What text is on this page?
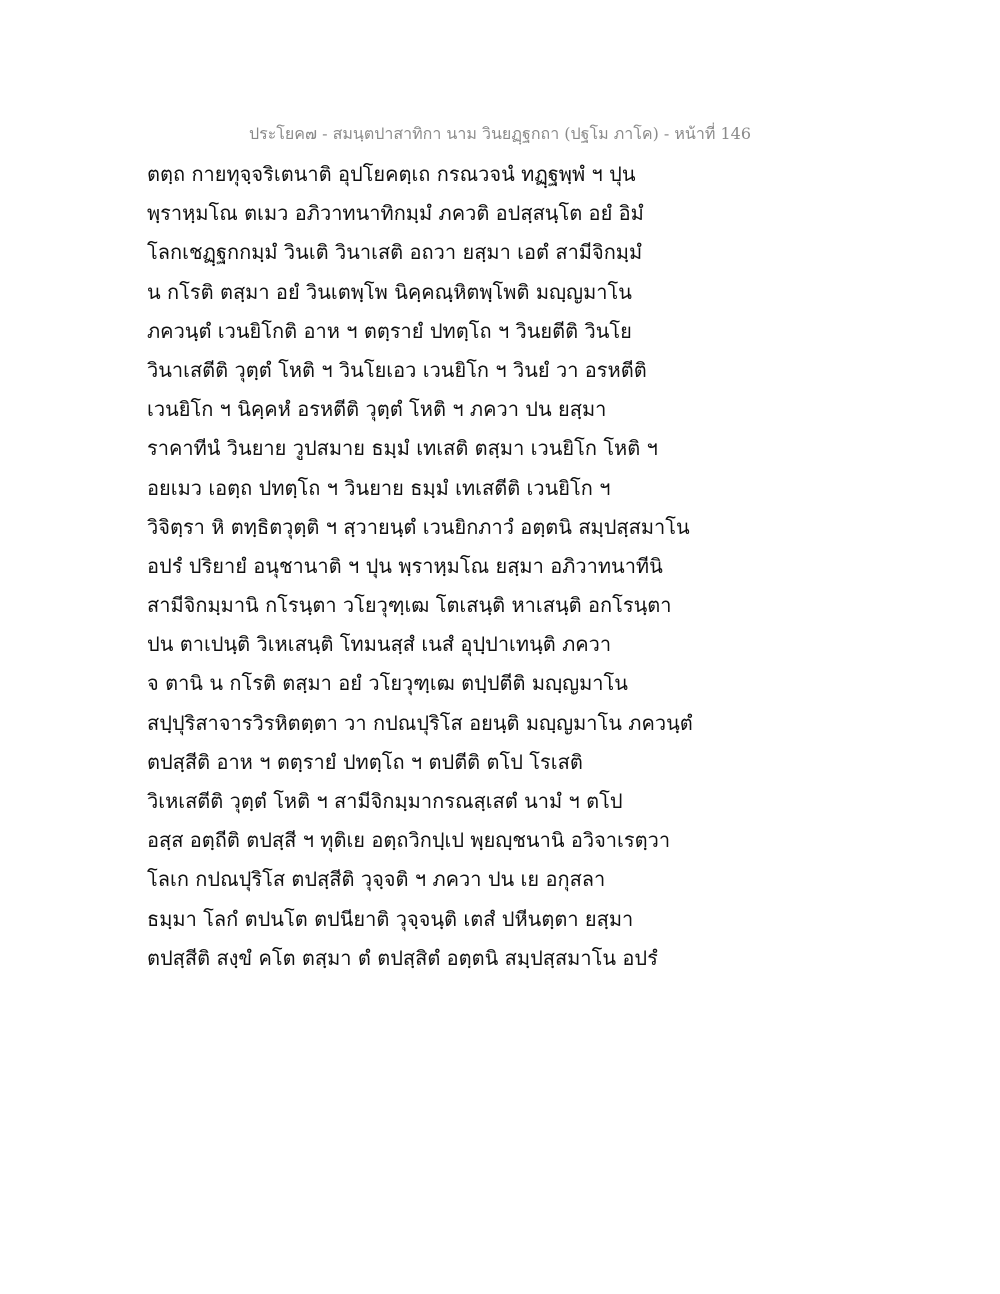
ประโยค๗ - สมนฺตปาสาทิกา นาม วินยฏฺฐกถา (ปฐโม ภาโค) - หน้าที่ 146
ตตฺถ กายทุจฺจริเตนาติ อุปโยคตฺเถ กรณวจนํ ทฏฺฐพฺพํ ฯ ปุน
พฺราหฺมโณ ตเมว อภิวาทนาทิกมฺมํ ภควติ อปสฺสนฺโต อยํ อิมํ
โลกเชฏฺฐกกมฺมํ วินเติ วินาเสติ อถวา ยสฺมา เอตํ สามีจิกมฺมํ
น กโรติ ตสฺมา อยํ วินเตพฺโพ นิคฺคณฺหิตพฺโพติ มญฺญมาโน
ภควนฺตํ เวนยิโกติ อาห ฯ ตตฺรายํ ปทตฺโถ ฯ วินยตีติ วินโย
วินาเสตีติ วุตฺตํ โหติ ฯ วินโยเอว เวนยิโก ฯ วินยํ วา อรหตีติ
เวนยิโก ฯ นิคฺคหํ อรหตีติ วุตฺตํ โหติ ฯ ภควา ปน ยสฺมา
ราคาทีนํ วินยาย วูปสมาย ธมฺมํ เทเสติ ตสฺมา เวนยิโก โหติ ฯ
อยเมว เอตฺถ ปทตฺโถ ฯ วินยาย ธมฺมํ เทเสตีติ เวนยิโก ฯ
วิจิตฺรา หิ ตทฺธิตวุตฺติ ฯ สฺวายนฺตํ เวนยิกภาวํ อตฺตนิ สมฺปสฺสมาโน
อปรํ ปริยายํ อนุชานาติ ฯ ปุน พฺราหฺมโณ ยสฺมา อภิวาทนาทีนิ
สามีจิกมฺมานิ กโรนฺตา วโยวุฑฺเฒ โตเสนฺติ หาเสนฺติ อกโรนฺตา
ปน ตาเปนฺติ วิเหเสนฺติ โทมนสฺสํ เนสํ อุปฺปาเทนฺติ ภควา
จ ตานิ น กโรติ ตสฺมา อยํ วโยวุฑฺเฒ ตปฺปตีติ มญฺญมาโน
สปฺปุริสาจารวิรหิตตฺตา วา กปณปุริโส อยนฺติ มญฺญมาโน ภควนฺตํ
ตปสฺสีติ อาห ฯ ตตฺรายํ ปทตฺโถ ฯ ตปตีติ ตโป โรเสติ
วิเหเสตีติ วุตฺตํ โหติ ฯ สามีจิกมฺมากรณสฺเสตํ นามํ ฯ ตโป
อสฺส อตฺถีติ ตปสฺสี ฯ ทุติเย อตฺถวิกปฺเป พฺยญฺชนานิ อวิจาเรตฺวา
โลเก กปณปุริโส ตปสฺสีติ วุจฺจติ ฯ ภควา ปน เย อกุสลา
ธมฺมา โลกํ ตปนโต ตปนียาติ วุจฺจนฺติ เตสํ ปหีนตฺตา ยสฺมา
ตปสฺสีติ สงฺขํ คโต ตสฺมา ตํ ตปสฺสิตํ อตฺตนิ สมฺปสฺสมาโน อปรํ
